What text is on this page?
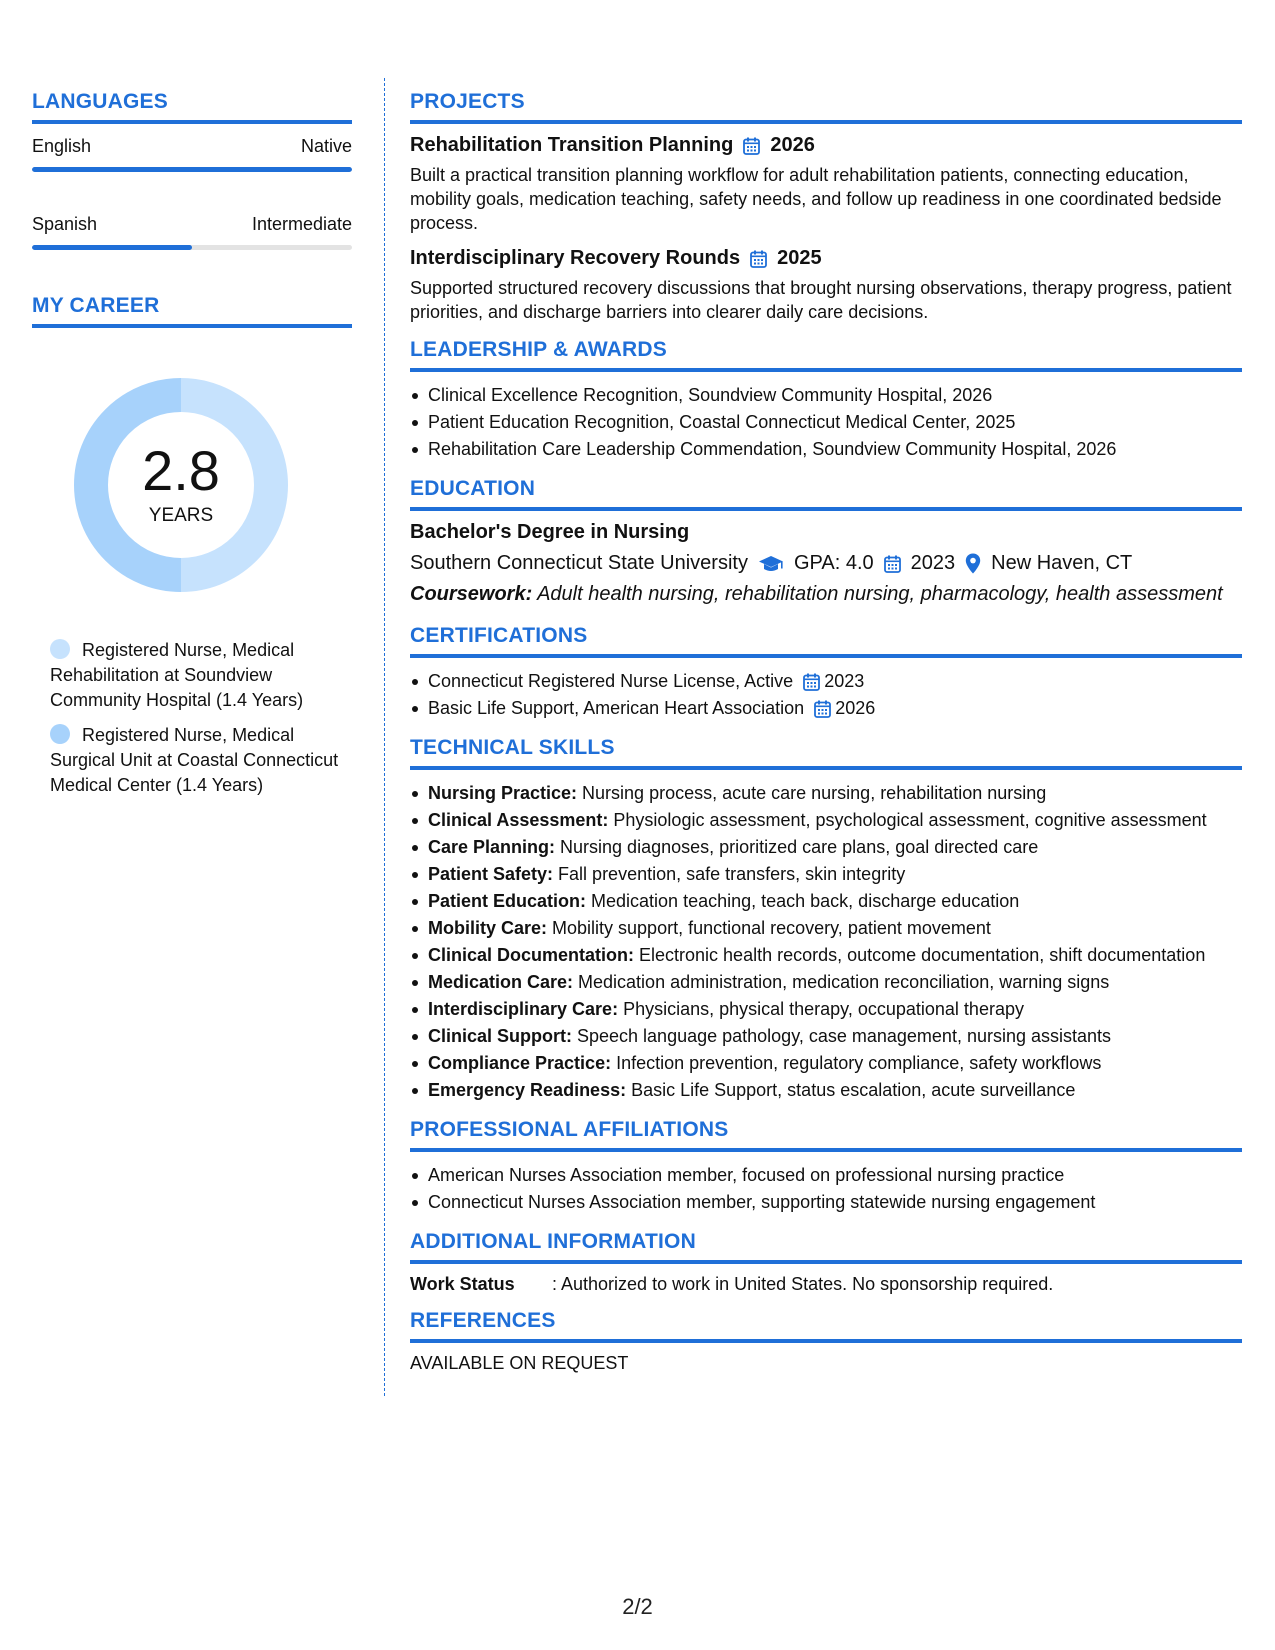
LANGUAGES
English	Native
Spanish	Intermediate
MY CAREER
2.8
YEARS
Registered Nurse, Medical Rehabilitation at Soundview Community Hospital (1.4 Years)
Registered Nurse, Medical Surgical Unit at Coastal Connecticut Medical Center (1.4 Years)
PROJECTS
Rehabilitation Transition Planning 2026
Built a practical transition planning workflow for adult rehabilitation patients, connecting education, mobility goals, medication teaching, safety needs, and follow up readiness in one coordinated bedside process.
Interdisciplinary Recovery Rounds 2025
Supported structured recovery discussions that brought nursing observations, therapy progress, patient priorities, and discharge barriers into clearer daily care decisions.
LEADERSHIP & AWARDS
Clinical Excellence Recognition, Soundview Community Hospital, 2026
Patient Education Recognition, Coastal Connecticut Medical Center, 2025
Rehabilitation Care Leadership Commendation, Soundview Community Hospital, 2026
EDUCATION
Bachelor's Degree in Nursing
Southern Connecticut State University GPA: 4.0 2023 New Haven, CT
Coursework: Adult health nursing, rehabilitation nursing, pharmacology, health assessment
CERTIFICATIONS
Connecticut Registered Nurse License, Active 2023
Basic Life Support, American Heart Association 2026
TECHNICAL SKILLS
Nursing Practice: Nursing process, acute care nursing, rehabilitation nursing
Clinical Assessment: Physiologic assessment, psychological assessment, cognitive assessment
Care Planning: Nursing diagnoses, prioritized care plans, goal directed care
Patient Safety: Fall prevention, safe transfers, skin integrity
Patient Education: Medication teaching, teach back, discharge education
Mobility Care: Mobility support, functional recovery, patient movement
Clinical Documentation: Electronic health records, outcome documentation, shift documentation
Medication Care: Medication administration, medication reconciliation, warning signs
Interdisciplinary Care: Physicians, physical therapy, occupational therapy
Clinical Support: Speech language pathology, case management, nursing assistants
Compliance Practice: Infection prevention, regulatory compliance, safety workflows
Emergency Readiness: Basic Life Support, status escalation, acute surveillance
PROFESSIONAL AFFILIATIONS
American Nurses Association member, focused on professional nursing practice
Connecticut Nurses Association member, supporting statewide nursing engagement
ADDITIONAL INFORMATION
Work Status	: Authorized to work in United States. No sponsorship required.
REFERENCES
AVAILABLE ON REQUEST
2/2
